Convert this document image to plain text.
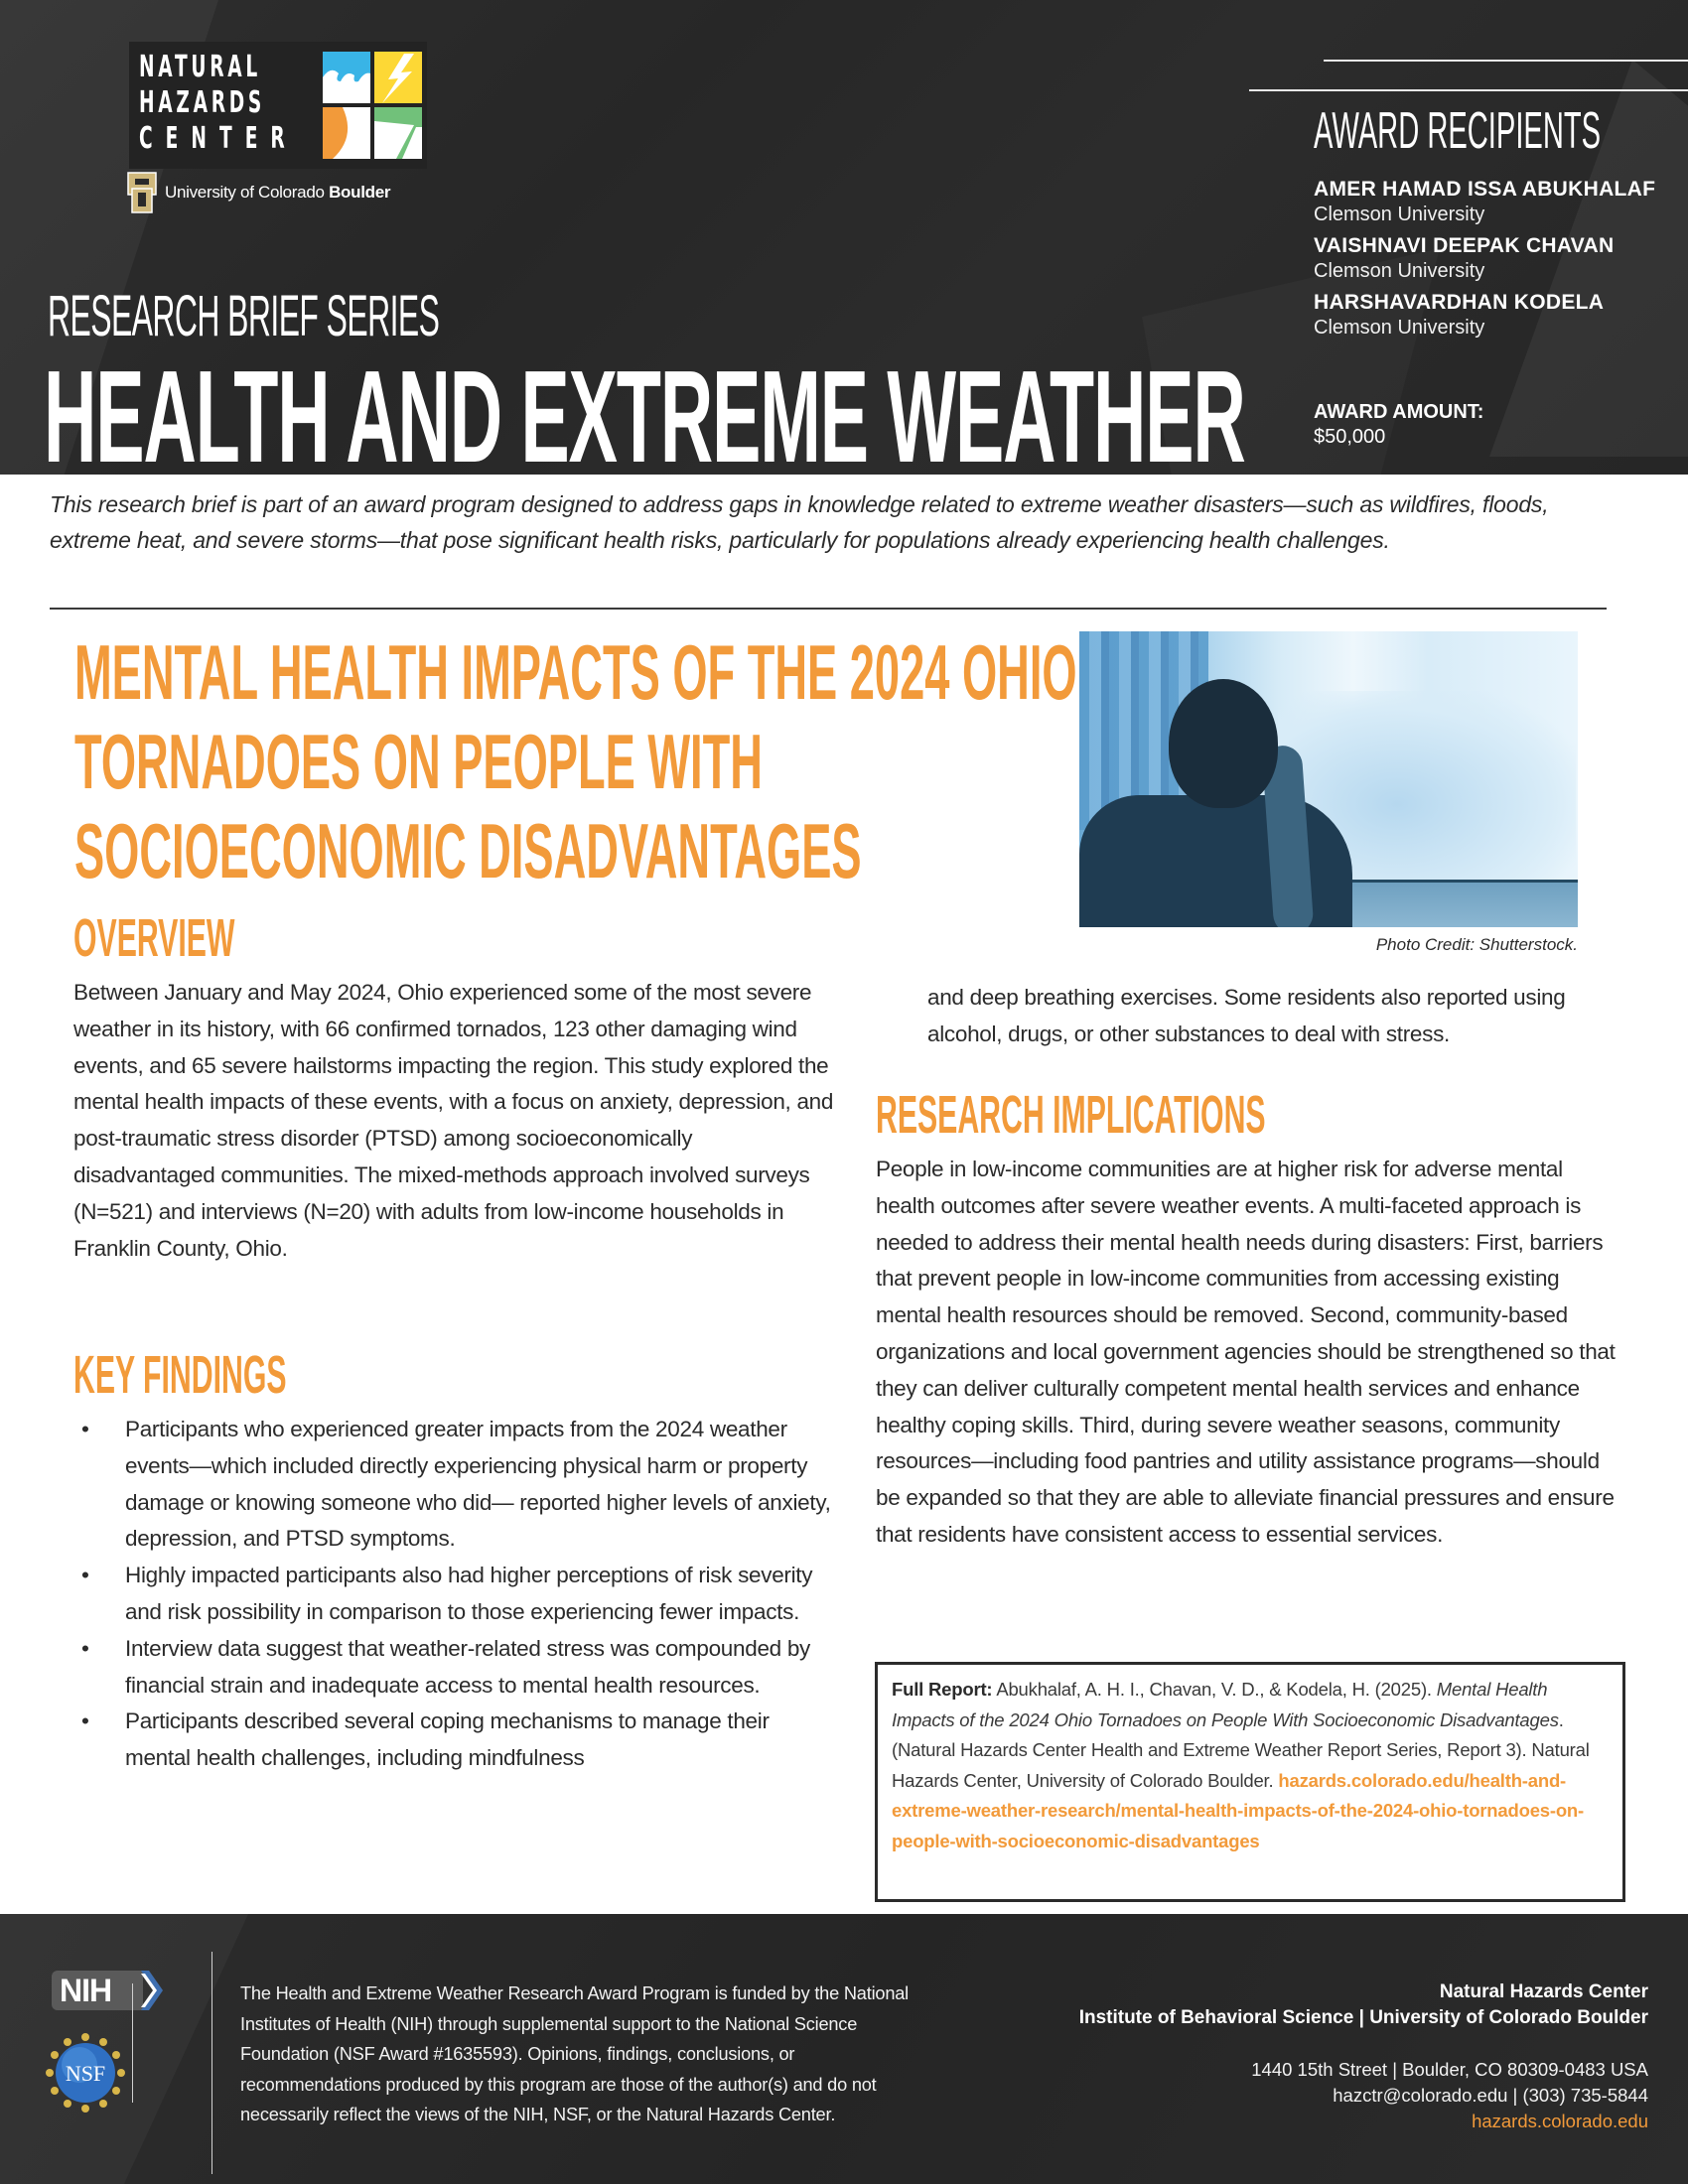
NATURAL
HAZARDS
CENTER
University of Colorado Boulder
RESEARCH BRIEF SERIES
HEALTH AND EXTREME WEATHER
AWARD RECIPIENTS
AMER HAMAD ISSA ABUKHALAF
Clemson University
VAISHNAVI DEEPAK CHAVAN
Clemson University
HARSHAVARDHAN KODELA
Clemson University
AWARD AMOUNT:
$50,000

This research brief is part of an award program designed to address gaps in knowledge related to extreme weather disasters—such as wildfires, floods, extreme heat, and severe storms—that pose significant health risks, particularly for populations already experiencing health challenges.

MENTAL HEALTH IMPACTS OF THE 2024 OHIO
TORNADOES ON PEOPLE WITH
SOCIOECONOMIC DISADVANTAGES
Photo Credit: Shutterstock.
OVERVIEW

Between January and May 2024, Ohio experienced some of the most severe weather in its history, with 66 confirmed tornados, 123 other damaging wind events, and 65 severe hailstorms impacting the region. This study explored the mental health impacts of these events, with a focus on anxiety, depression, and post-traumatic stress disorder (PTSD) among socioeconomically disadvantaged communities. The mixed-methods approach involved surveys (N=521) and interviews (N=20) with adults from low-income households in Franklin County, Ohio.

KEY FINDINGS
• Participants who experienced greater impacts from the 2024 weather events—which included directly experiencing physical harm or property damage or knowing someone who did— reported higher levels of anxiety, depression, and PTSD symptoms.
• Highly impacted participants also had higher perceptions of risk severity and risk possibility in comparison to those experiencing fewer impacts.
• Interview data suggest that weather-related stress was compounded by financial strain and inadequate access to mental health resources.
• Participants described several coping mechanisms to manage their mental health challenges, including mindfulness

and deep breathing exercises. Some residents also reported using alcohol, drugs, or other substances to deal with stress.

RESEARCH IMPLICATIONS

People in low-income communities are at higher risk for adverse mental health outcomes after severe weather events. A multi-faceted approach is needed to address their mental health needs during disasters: First, barriers that prevent people in low-income communities from accessing existing mental health resources should be removed. Second, community-based organizations and local government agencies should be strengthened so that they can deliver culturally competent mental health services and enhance healthy coping skills. Third, during severe weather seasons, community resources—including food pantries and utility assistance programs—should be expanded so that they are able to alleviate financial pressures and ensure that residents have consistent access to essential services.

Full Report: Abukhalaf, A. H. I., Chavan, V. D., & Kodela, H. (2025). Mental Health Impacts of the 2024 Ohio Tornadoes on People With Socioeconomic Disadvantages. (Natural Hazards Center Health and Extreme Weather Report Series, Report 3). Natural Hazards Center, University of Colorado Boulder. hazards.colorado.edu/health-and-extreme-weather-research/mental-health-impacts-of-the-2024-ohio-tornadoes-on-people-with-socioeconomic-disadvantages
NIH
NSF

The Health and Extreme Weather Research Award Program is funded by the National Institutes of Health (NIH) through supplemental support to the National Science Foundation (NSF Award #1635593). Opinions, findings, conclusions, or recommendations produced by this program are those of the author(s) and do not necessarily reflect the views of the NIH, NSF, or the Natural Hazards Center.

Natural Hazards Center
Institute of Behavioral Science | University of Colorado Boulder
1440 15th Street | Boulder, CO 80309-0483 USA
hazctr@colorado.edu | (303) 735-5844
hazards.colorado.edu
